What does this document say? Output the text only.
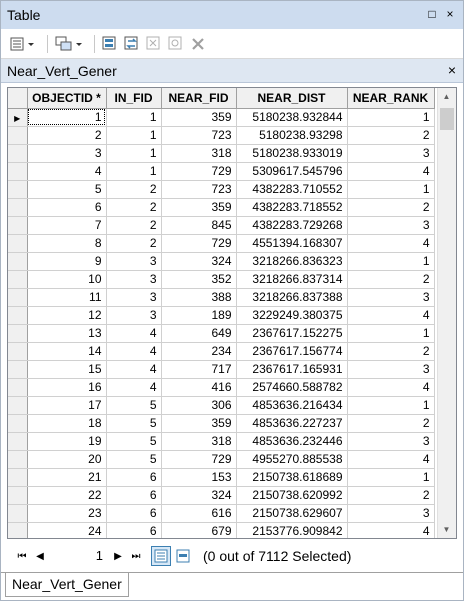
Table	□ ×
Near_Vert_Gener	×
	OBJECTID *	IN_FID	NEAR_FID	NEAR_DIST	NEAR_RANK
▶	1	1	359	5180238.932844	1
	2	1	723	5180238.93298	2
	3	1	318	5180238.933019	3
	4	1	729	5309617.545796	4
	5	2	723	4382283.710552	1
	6	2	359	4382283.718552	2
	7	2	845	4382283.729268	3
	8	2	729	4551394.168307	4
	9	3	324	3218266.836323	1
	10	3	352	3218266.837314	2
	11	3	388	3218266.837388	3
	12	3	189	3229249.380375	4
	13	4	649	2367617.152275	1
	14	4	234	2367617.156774	2
	15	4	717	2367617.165931	3
	16	4	416	2574660.588782	4
	17	5	306	4853636.216434	1
	18	5	359	4853636.227237	2
	19	5	318	4853636.232446	3
	20	5	729	4955270.885538	4
	21	6	153	2150738.618689	1
	22	6	324	2150738.620992	2
	23	6	616	2150738.629607	3
	24	6	679	2153776.909842	4
▲
▼
⏮ ◀	1	▶ ⏭	(0 out of 7112 Selected)
Near_Vert_Gener
